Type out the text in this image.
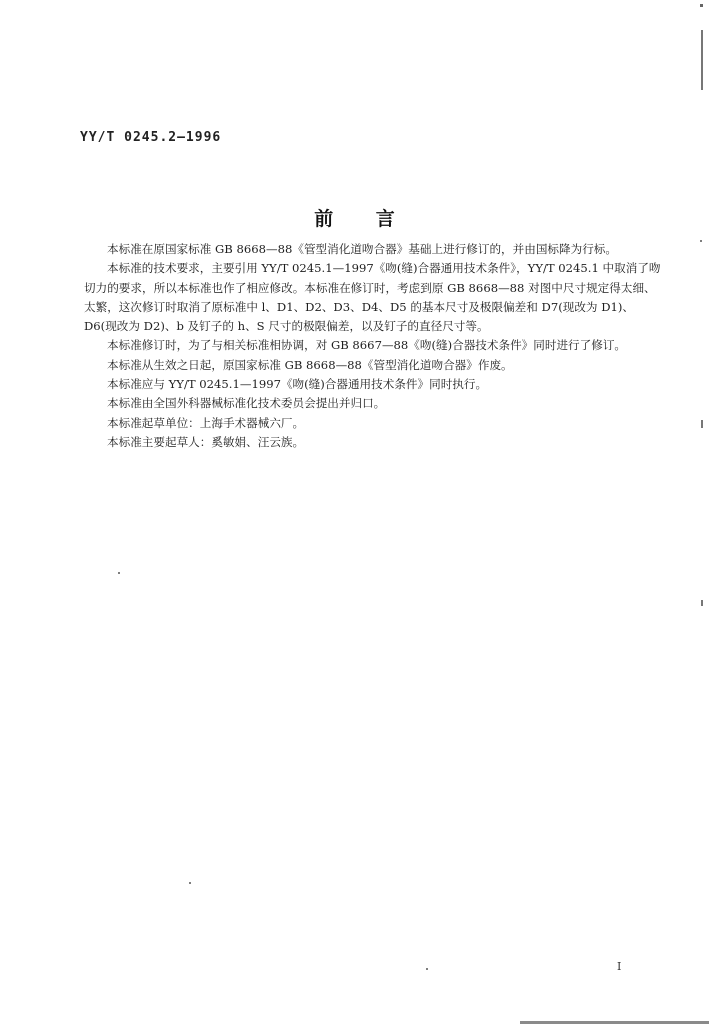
YY/T 0245.2—1996
前 言

本标准在原国家标准 GB 8668—88《管型消化道吻合器》基础上进行修订的，并由国标降为行标。

本标准的技术要求，主要引用 YY/T 0245.1—1997《吻(缝)合器通用技术条件》，YY/T 0245.1 中取消了吻切力的要求，所以本标准也作了相应修改。本标准在修订时，考虑到原 GB 8668—88 对图中尺寸规定得太细、太繁，这次修订时取消了原标准中 l、D1、D2、D3、D4、D5 的基本尺寸及极限偏差和 D7(现改为 D1)、D6(现改为 D2)、b 及钉子的 h、S 尺寸的极限偏差，以及钉子的直径尺寸等。

本标准修订时，为了与相关标准相协调，对 GB 8667—88《吻(缝)合器技术条件》同时进行了修订。

本标准从生效之日起，原国家标准 GB 8668—88《管型消化道吻合器》作废。

本标准应与 YY/T 0245.1—1997《吻(缝)合器通用技术条件》同时执行。

本标准由全国外科器械标准化技术委员会提出并归口。

本标准起草单位：上海手术器械六厂。

本标准主要起草人：奚敏娟、汪云族。

I
